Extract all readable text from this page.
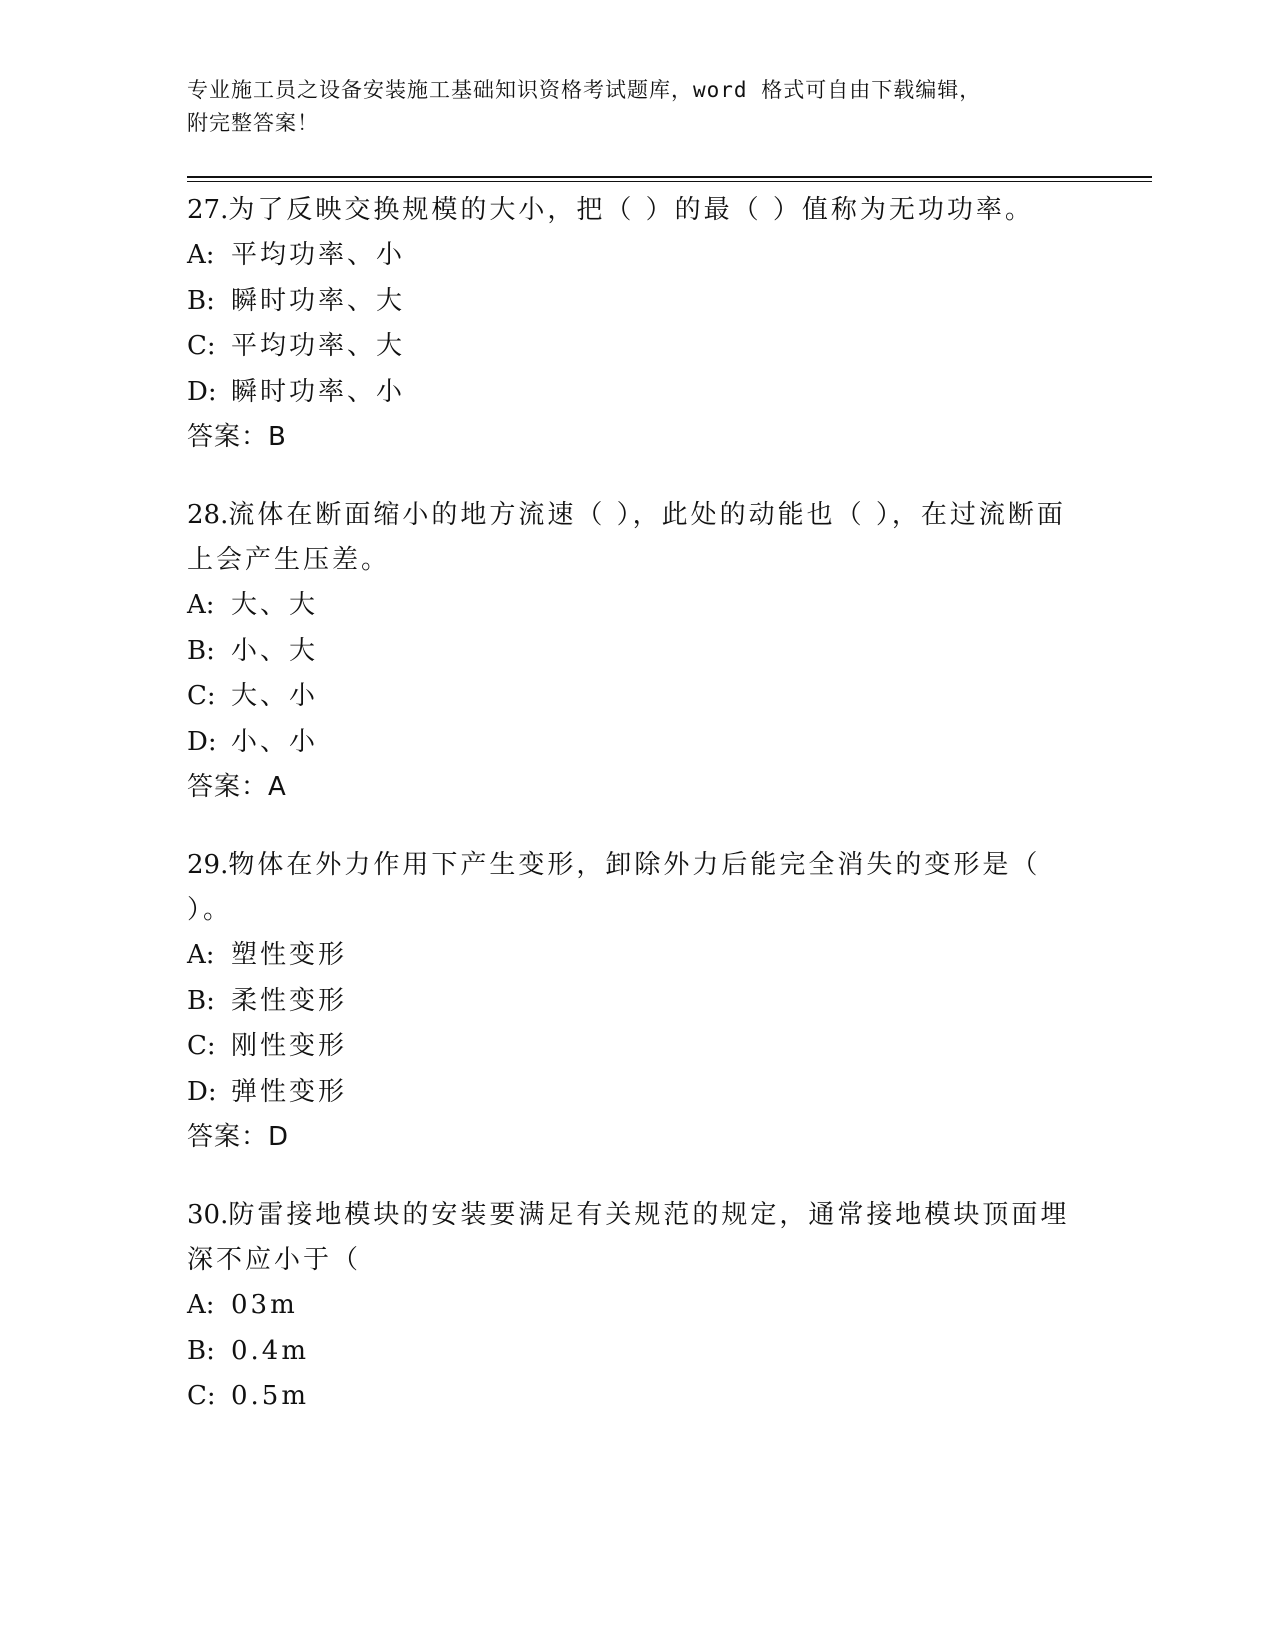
专业施工员之设备安装施工基础知识资格考试题库，word 格式可自由下载编辑，
附完整答案！
27.为了反映交换规模的大小，把（ ）的最（ ）值称为无功功率。
A: 平均功率、小
B: 瞬时功率、大
C: 平均功率、大
D: 瞬时功率、小
答案：B
28.流体在断面缩小的地方流速（ ），此处的动能也（ ），在过流断面上会产生压差。
A: 大、大
B: 小、大
C: 大、小
D: 小、小
答案：A
29.物体在外力作用下产生变形，卸除外力后能完全消失的变形是（ ）。
A: 塑性变形
B: 柔性变形
C: 刚性变形
D: 弹性变形
答案：D
30.防雷接地模块的安装要满足有关规范的规定，通常接地模块顶面埋深不应小于（
A: 03m
B: 0.4m
C: 0.5m
